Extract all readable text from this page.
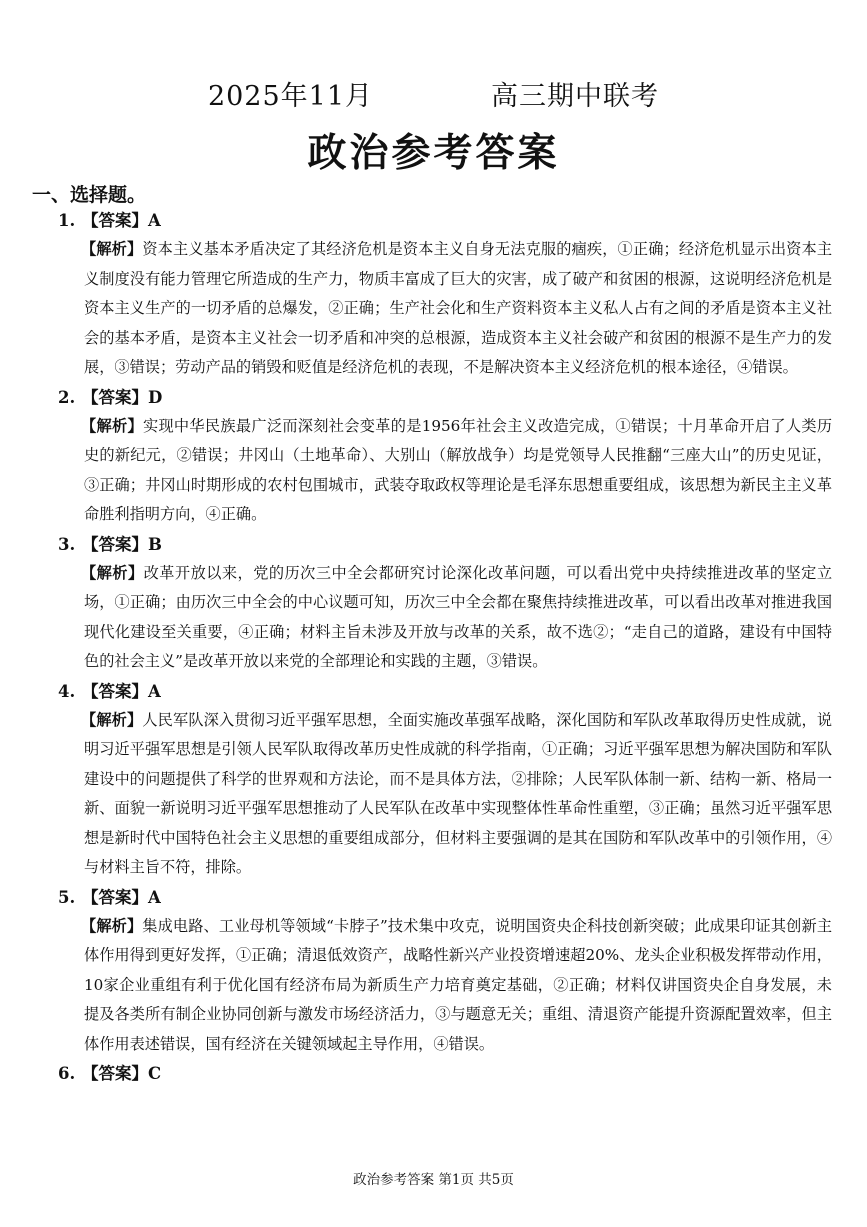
2025年11月	高三期中联考
政治参考答案
一、选择题。
1. 【答案】A
【解析】资本主义基本矛盾决定了其经济危机是资本主义自身无法克服的痼疾，①正确；经济危机显示出资本主义制度没有能力管理它所造成的生产力，物质丰富成了巨大的灾害，成了破产和贫困的根源，这说明经济危机是资本主义生产的一切矛盾的总爆发，②正确；生产社会化和生产资料资本主义私人占有之间的矛盾是资本主义社会的基本矛盾，是资本主义社会一切矛盾和冲突的总根源，造成资本主义社会破产和贫困的根源不是生产力的发展，③错误；劳动产品的销毁和贬值是经济危机的表现，不是解决资本主义经济危机的根本途径，④错误。
2. 【答案】D
【解析】实现中华民族最广泛而深刻社会变革的是1956年社会主义改造完成，①错误；十月革命开启了人类历史的新纪元，②错误；井冈山（土地革命）、大别山（解放战争）均是党领导人民推翻“三座大山”的历史见证，③正确；井冈山时期形成的农村包围城市，武装夺取政权等理论是毛泽东思想重要组成，该思想为新民主主义革命胜利指明方向，④正确。
3. 【答案】B
【解析】改革开放以来，党的历次三中全会都研究讨论深化改革问题，可以看出党中央持续推进改革的坚定立场，①正确；由历次三中全会的中心议题可知，历次三中全会都在聚焦持续推进改革，可以看出改革对推进我国现代化建设至关重要，④正确；材料主旨未涉及开放与改革的关系，故不选②；“走自己的道路，建设有中国特色的社会主义”是改革开放以来党的全部理论和实践的主题，③错误。
4. 【答案】A
【解析】人民军队深入贯彻习近平强军思想，全面实施改革强军战略，深化国防和军队改革取得历史性成就，说明习近平强军思想是引领人民军队取得改革历史性成就的科学指南，①正确；习近平强军思想为解决国防和军队建设中的问题提供了科学的世界观和方法论，而不是具体方法，②排除；人民军队体制一新、结构一新、格局一新、面貌一新说明习近平强军思想推动了人民军队在改革中实现整体性革命性重塑，③正确；虽然习近平强军思想是新时代中国特色社会主义思想的重要组成部分，但材料主要强调的是其在国防和军队改革中的引领作用，④与材料主旨不符，排除。
5. 【答案】A
【解析】集成电路、工业母机等领域“卡脖子”技术集中攻克，说明国资央企科技创新突破；此成果印证其创新主体作用得到更好发挥，①正确；清退低效资产，战略性新兴产业投资增速超20%、龙头企业积极发挥带动作用，10家企业重组有利于优化国有经济布局为新质生产力培育奠定基础，②正确；材料仅讲国资央企自身发展，未提及各类所有制企业协同创新与激发市场经济活力，③与题意无关；重组、清退资产能提升资源配置效率，但主体作用表述错误，国有经济在关键领域起主导作用，④错误。
6. 【答案】C
政治参考答案 第1页 共5页
